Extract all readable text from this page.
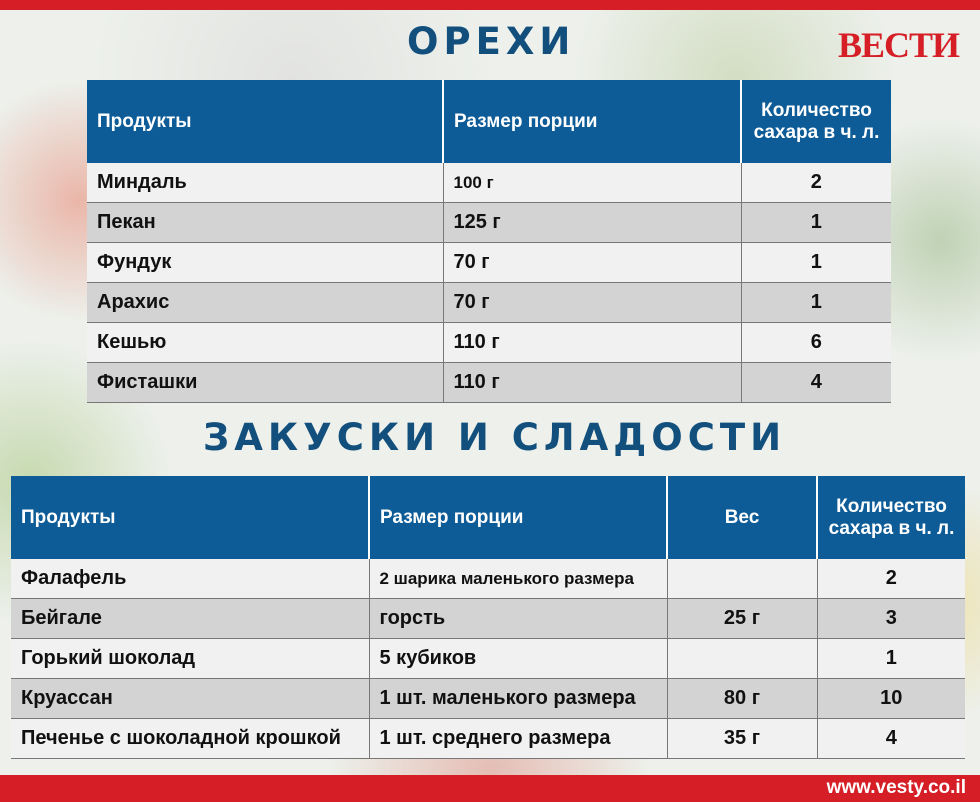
ОРЕХИ	ВЕСТИ
Продукты	Размер порции	Количество сахара в ч. л.
Миндаль	100 г	2
Пекан	125 г	1
Фундук	70 г	1
Арахис	70 г	1
Кешью	110 г	6
Фисташки	110 г	4
ЗАКУСКИ И СЛАДОСТИ
Продукты	Размер порции	Вес	Количество сахара в ч. л.
Фалафель	2 шарика маленького размера		2
Бейгале	горсть	25 г	3
Горький шоколад	5 кубиков		1
Круассан	1 шт. маленького размера	80 г	10
Печенье с шоколадной крошкой	1 шт. среднего размера	35 г	4
www.vesty.co.il
